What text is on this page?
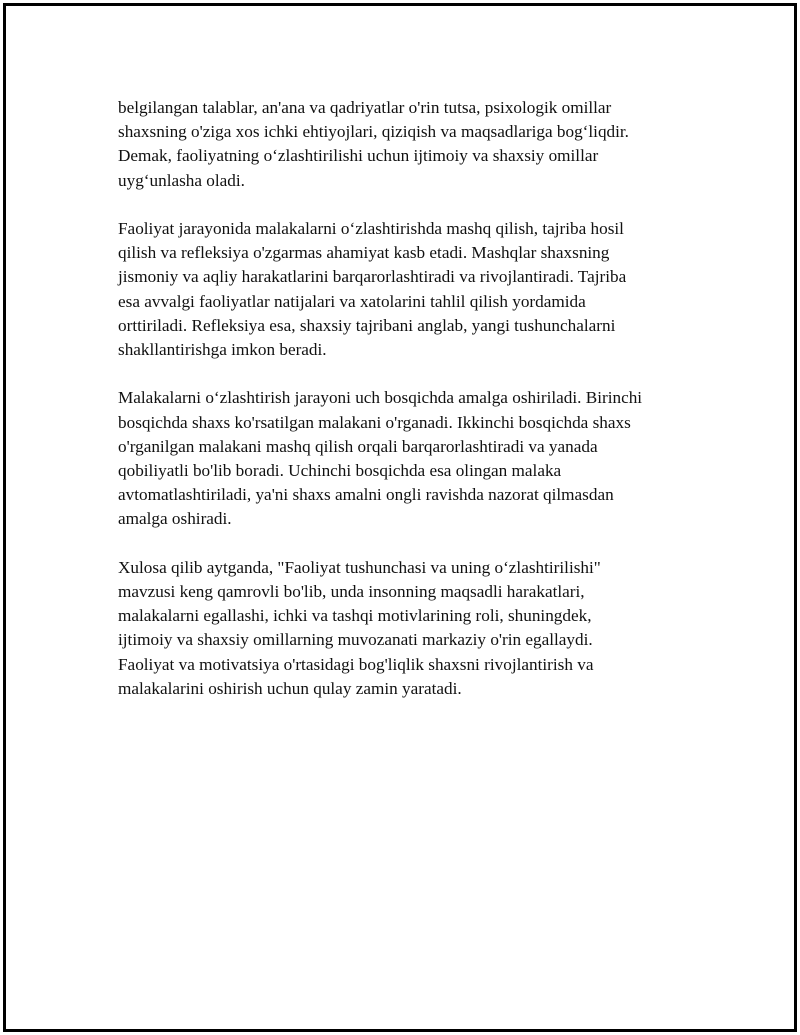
belgilangan talablar, an'ana va qadriyatlar o'rin tutsa, psixologik omillar
shaxsning o'ziga xos ichki ehtiyojlari, qiziqish va maqsadlariga bog‘liqdir.
Demak, faoliyatning o‘zlashtirilishi uchun ijtimoiy va shaxsiy omillar
uyg‘unlasha oladi.

Faoliyat jarayonida malakalarni o‘zlashtirishda mashq qilish, tajriba hosil
qilish va refleksiya o'zgarmas ahamiyat kasb etadi. Mashqlar shaxsning
jismoniy va aqliy harakatlarini barqarorlashtiradi va rivojlantiradi. Tajriba
esa avvalgi faoliyatlar natijalari va xatolarini tahlil qilish yordamida
orttiriladi. Refleksiya esa, shaxsiy tajribani anglab, yangi tushunchalarni
shakllantirishga imkon beradi.

Malakalarni o‘zlashtirish jarayoni uch bosqichda amalga oshiriladi. Birinchi
bosqichda shaxs ko'rsatilgan malakani o'rganadi. Ikkinchi bosqichda shaxs
o'rganilgan malakani mashq qilish orqali barqarorlashtiradi va yanada
qobiliyatli bo'lib boradi. Uchinchi bosqichda esa olingan malaka
avtomatlashtiriladi, ya'ni shaxs amalni ongli ravishda nazorat qilmasdan
amalga oshiradi.

Xulosa qilib aytganda, "Faoliyat tushunchasi va uning o‘zlashtirilishi"
mavzusi keng qamrovli bo'lib, unda insonning maqsadli harakatlari,
malakalarni egallashi, ichki va tashqi motivlarining roli, shuningdek,
ijtimoiy va shaxsiy omillarning muvozanati markaziy o'rin egallaydi.
Faoliyat va motivatsiya o'rtasidagi bog'liqlik shaxsni rivojlantirish va
malakalarini oshirish uchun qulay zamin yaratadi.
